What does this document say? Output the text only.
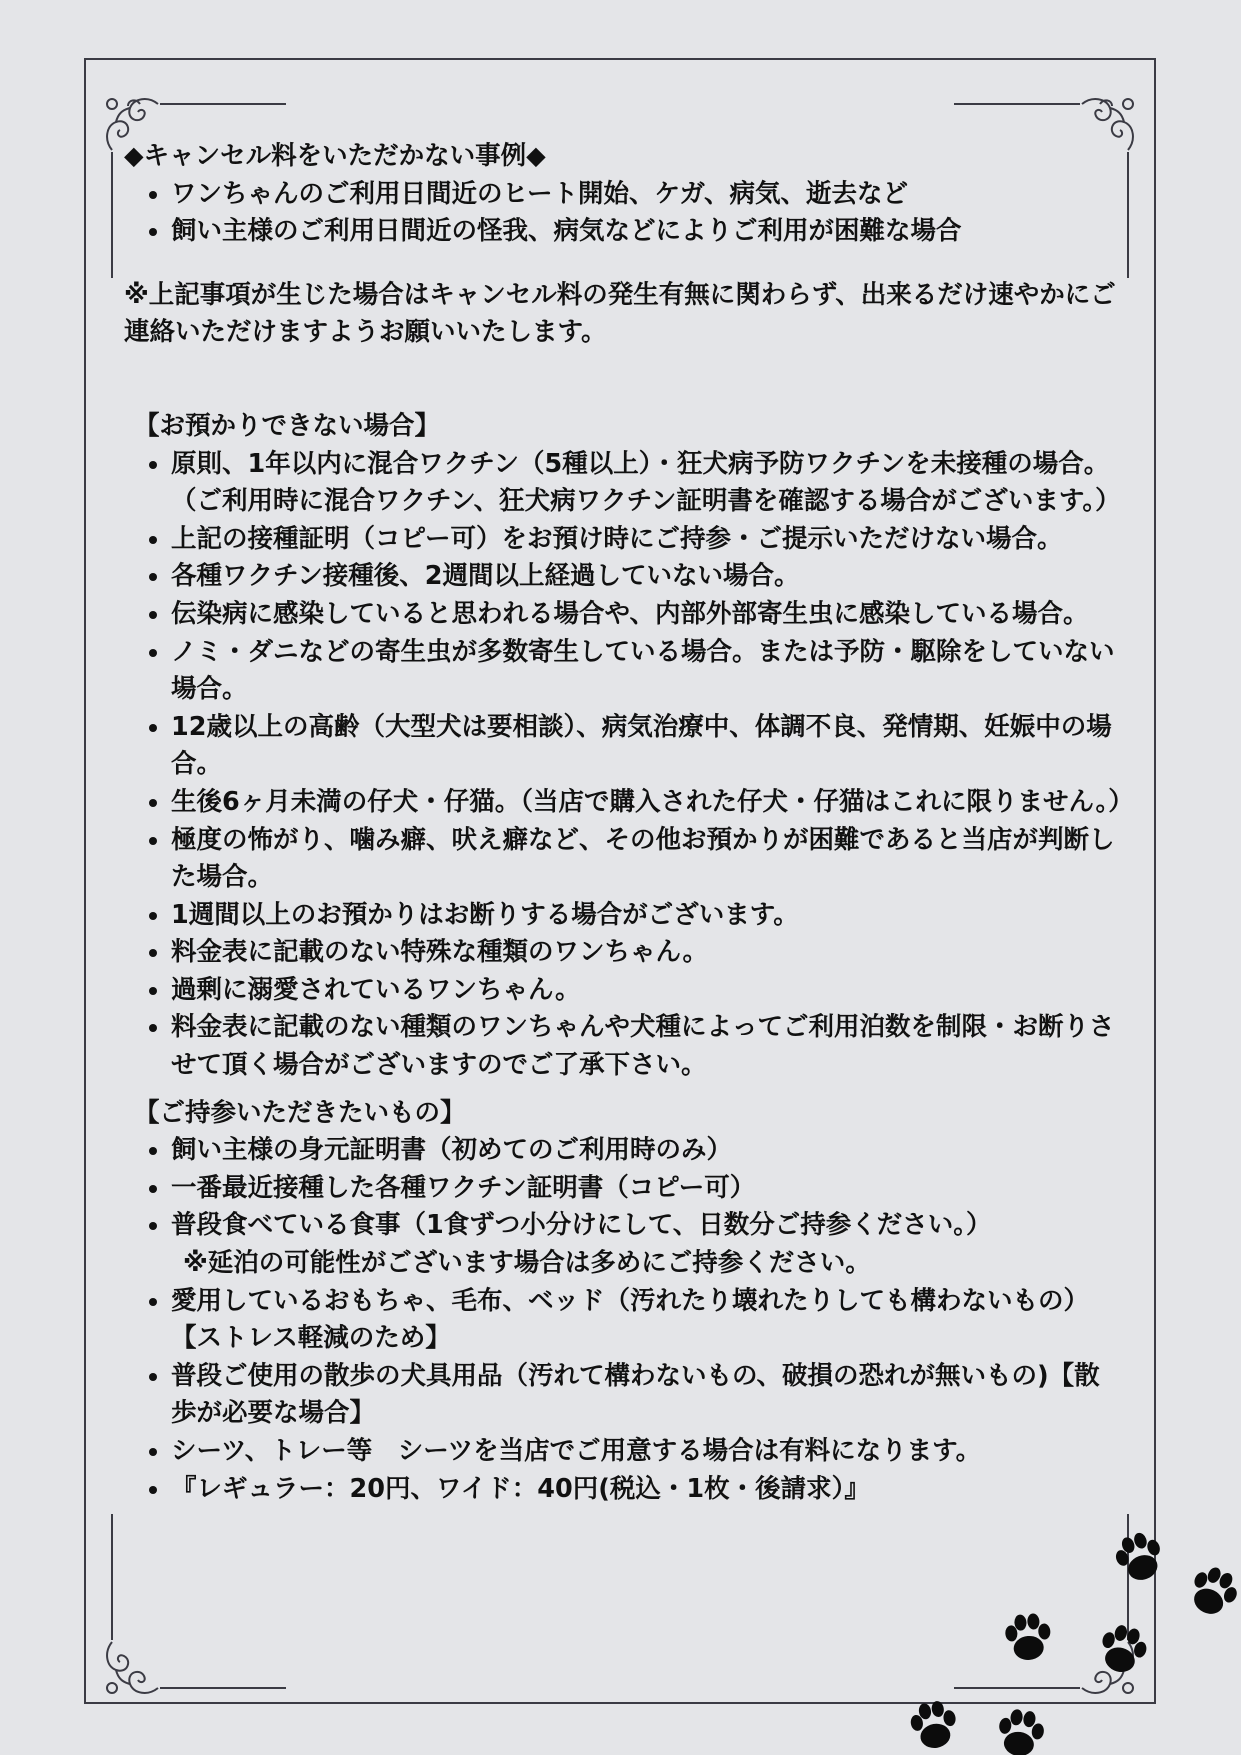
◆キャンセル料をいただかない事例◆

• ワンちゃんのご利用日間近のヒート開始、ケガ、病気、逝去など
• 飼い主様のご利用日間近の怪我、病気などによりご利用が困難な場合

※上記事項が生じた場合はキャンセル料の発生有無に関わらず、出来るだけ速やかにご連絡いただけますようお願いいたします。

【お預かりできない場合】

• 原則、1年以内に混合ワクチン（5種以上）・狂犬病予防ワクチンを未接種の場合。（ご利用時に混合ワクチン、狂犬病ワクチン証明書を確認する場合がございます。）
• 上記の接種証明（コピー可）をお預け時にご持参・ご提示いただけない場合。
• 各種ワクチン接種後、2週間以上経過していない場合。
• 伝染病に感染していると思われる場合や、内部外部寄生虫に感染している場合。
• ノミ・ダニなどの寄生虫が多数寄生している場合。または予防・駆除をしていない場合。
• 12歳以上の高齢（大型犬は要相談）、病気治療中、体調不良、発情期、妊娠中の場合。
• 生後6ヶ月未満の仔犬・仔猫。（当店で購入された仔犬・仔猫はこれに限りません。）
• 極度の怖がり、噛み癖、吠え癖など、その他お預かりが困難であると当店が判断した場合。
• 1週間以上のお預かりはお断りする場合がございます。
• 料金表に記載のない特殊な種類のワンちゃん。
• 過剰に溺愛されているワンちゃん。
• 料金表に記載のない種類のワンちゃんや犬種によってご利用泊数を制限・お断りさせて頂く場合がございますのでご了承下さい。

【ご持参いただきたいもの】

• 飼い主様の身元証明書（初めてのご利用時のみ）
• 一番最近接種した各種ワクチン証明書（コピー可）
• 普段食べている食事（1食ずつ小分けにして、日数分ご持参ください。）
※延泊の可能性がございます場合は多めにご持参ください。
• 愛用しているおもちゃ、毛布、ベッド（汚れたり壊れたりしても構わないもの）【ストレス軽減のため】
• 普段ご使用の散歩の犬具用品（汚れて構わないもの、破損の恐れが無いもの)【散歩が必要な場合】
• シーツ、トレー等　シーツを当店でご用意する場合は有料になります。
• 『レギュラー：20円、ワイド：40円(税込・1枚・後請求）』
